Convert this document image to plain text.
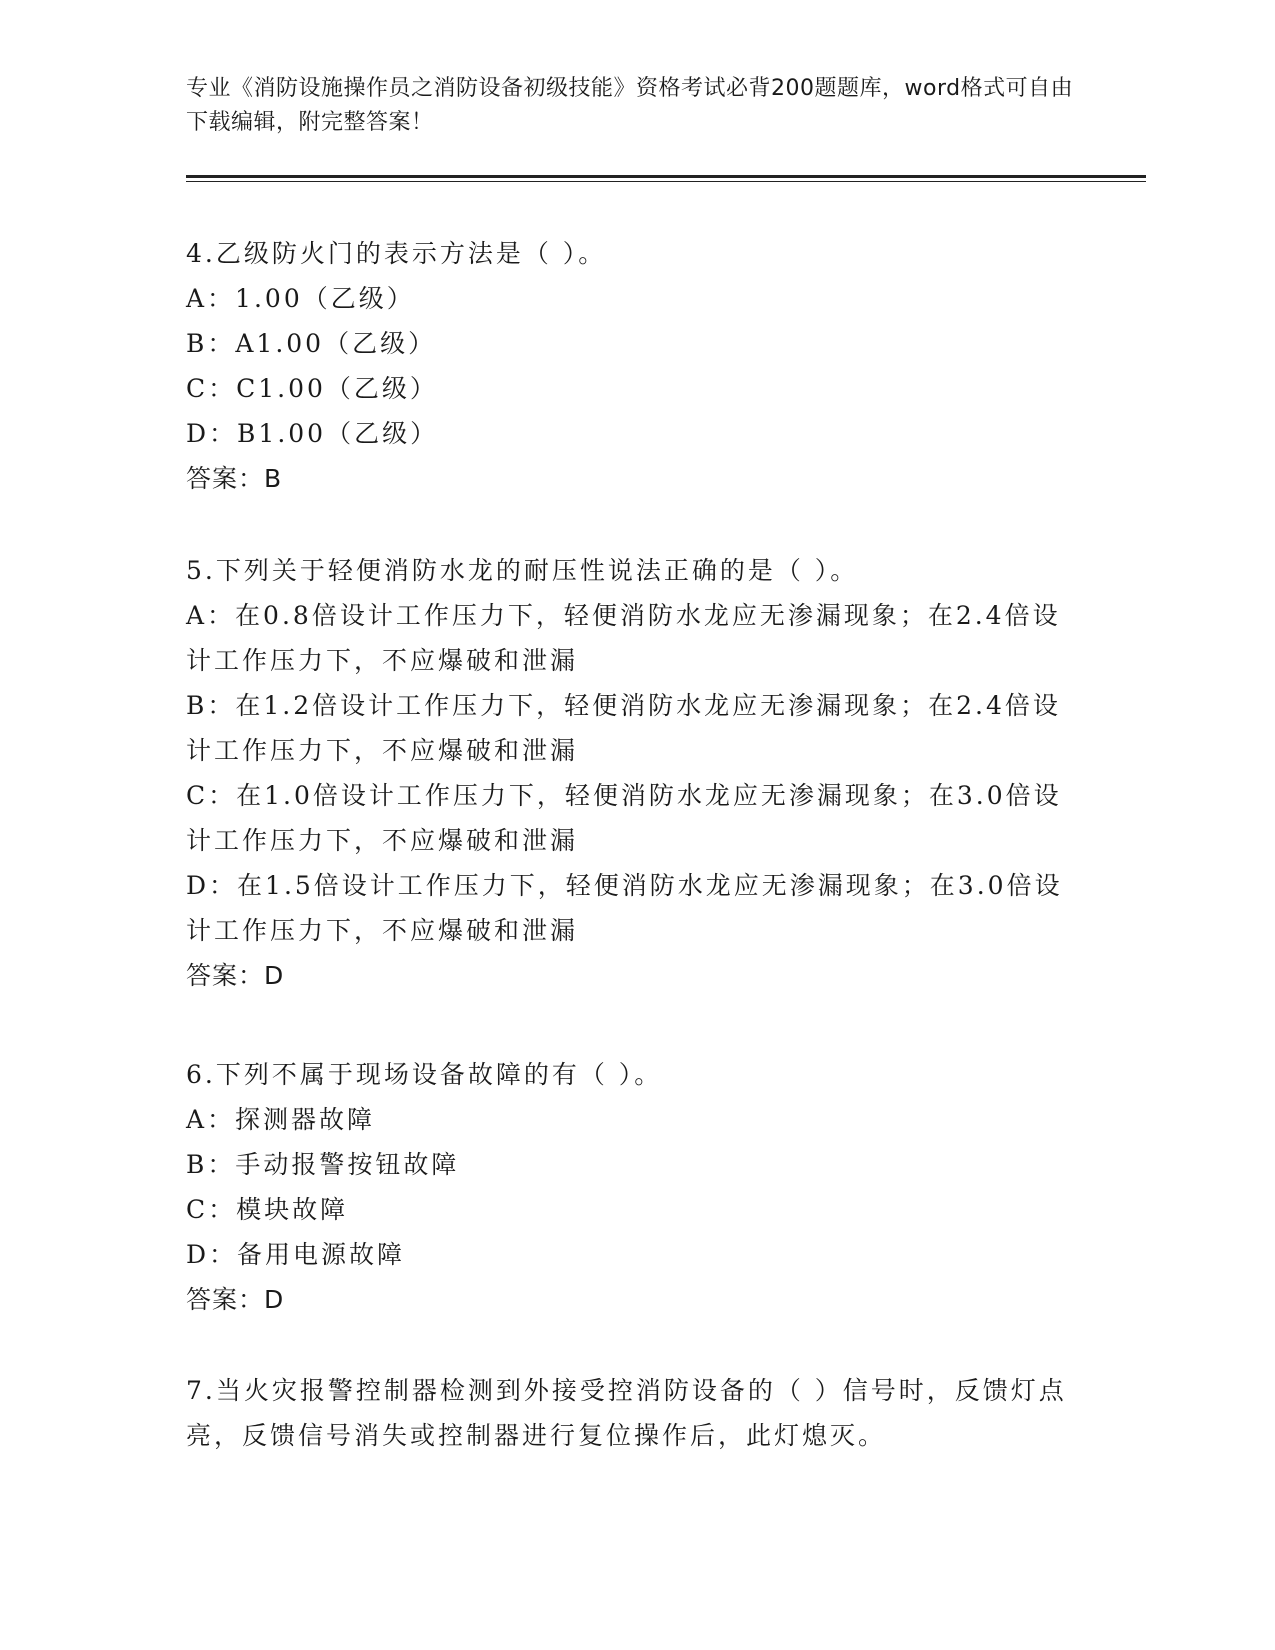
专业《消防设施操作员之消防设备初级技能》资格考试必背200题题库，word格式可自由下载编辑，附完整答案！
4.乙级防火门的表示方法是（ ）。
A：1.00（乙级）
B：A1.00（乙级）
C：C1.00（乙级）
D：B1.00（乙级）
答案：B
5.下列关于轻便消防水龙的耐压性说法正确的是（ ）。
A：在0.8倍设计工作压力下，轻便消防水龙应无渗漏现象；在2.4倍设计工作压力下，不应爆破和泄漏
B：在1.2倍设计工作压力下，轻便消防水龙应无渗漏现象；在2.4倍设计工作压力下，不应爆破和泄漏
C：在1.0倍设计工作压力下，轻便消防水龙应无渗漏现象；在3.0倍设计工作压力下，不应爆破和泄漏
D：在1.5倍设计工作压力下，轻便消防水龙应无渗漏现象；在3.0倍设计工作压力下，不应爆破和泄漏
答案：D
6.下列不属于现场设备故障的有（ ）。
A：探测器故障
B：手动报警按钮故障
C：模块故障
D：备用电源故障
答案：D
7.当火灾报警控制器检测到外接受控消防设备的（ ）信号时，反馈灯点亮，反馈信号消失或控制器进行复位操作后，此灯熄灭。
